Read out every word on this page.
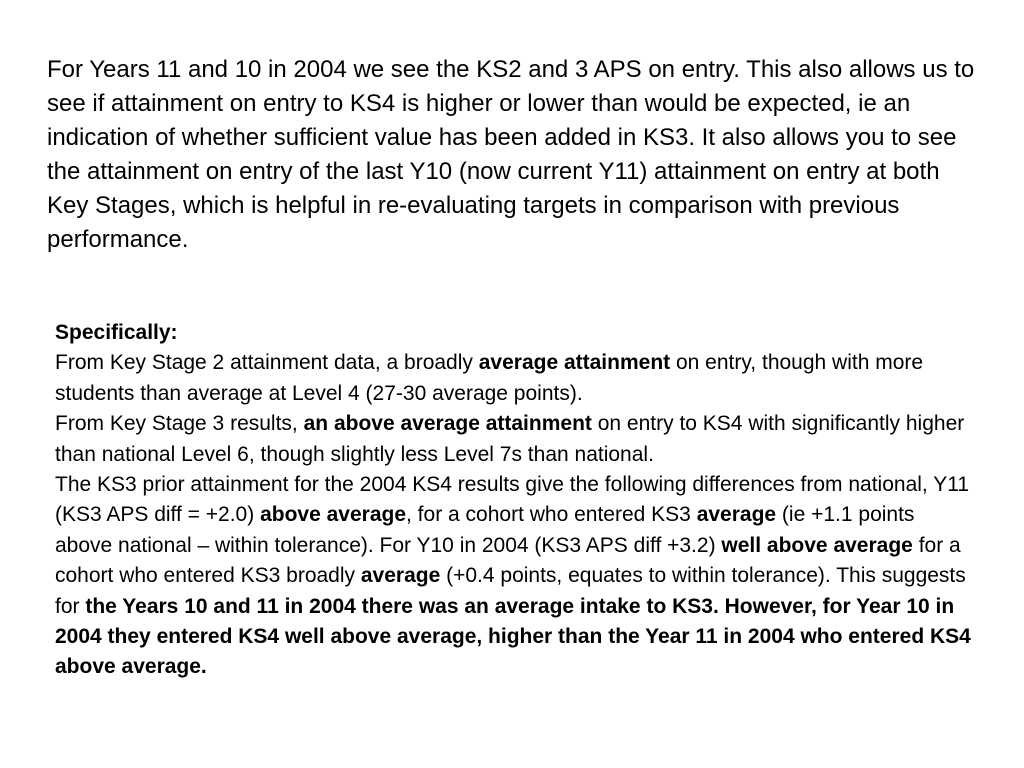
For Years 11 and 10 in 2004 we see the KS2 and 3 APS on entry. This also allows us to see if attainment on entry to KS4 is higher or lower than would be expected, ie an indication of whether sufficient value has been added in KS3. It also allows you to see the attainment on entry of the last Y10 (now current Y11) attainment on entry at both Key Stages, which is helpful in re-evaluating targets in comparison with previous performance.

Specifically:

From Key Stage 2 attainment data, a broadly average attainment on entry, though with more students than average at Level 4 (27-30 average points).

From Key Stage 3 results, an above average attainment on entry to KS4 with significantly higher than national Level 6, though slightly less Level 7s than national.

The KS3 prior attainment for the 2004 KS4 results give the following differences from national, Y11 (KS3 APS diff = +2.0) above average, for a cohort who entered KS3 average (ie +1.1 points above national – within tolerance). For Y10 in 2004 (KS3 APS diff +3.2) well above average for a cohort who entered KS3 broadly average (+0.4 points, equates to within tolerance). This suggests for the Years 10 and 11 in 2004 there was an average intake to KS3. However, for Year 10 in 2004 they entered KS4 well above average, higher than the Year 11 in 2004 who entered KS4 above average.
